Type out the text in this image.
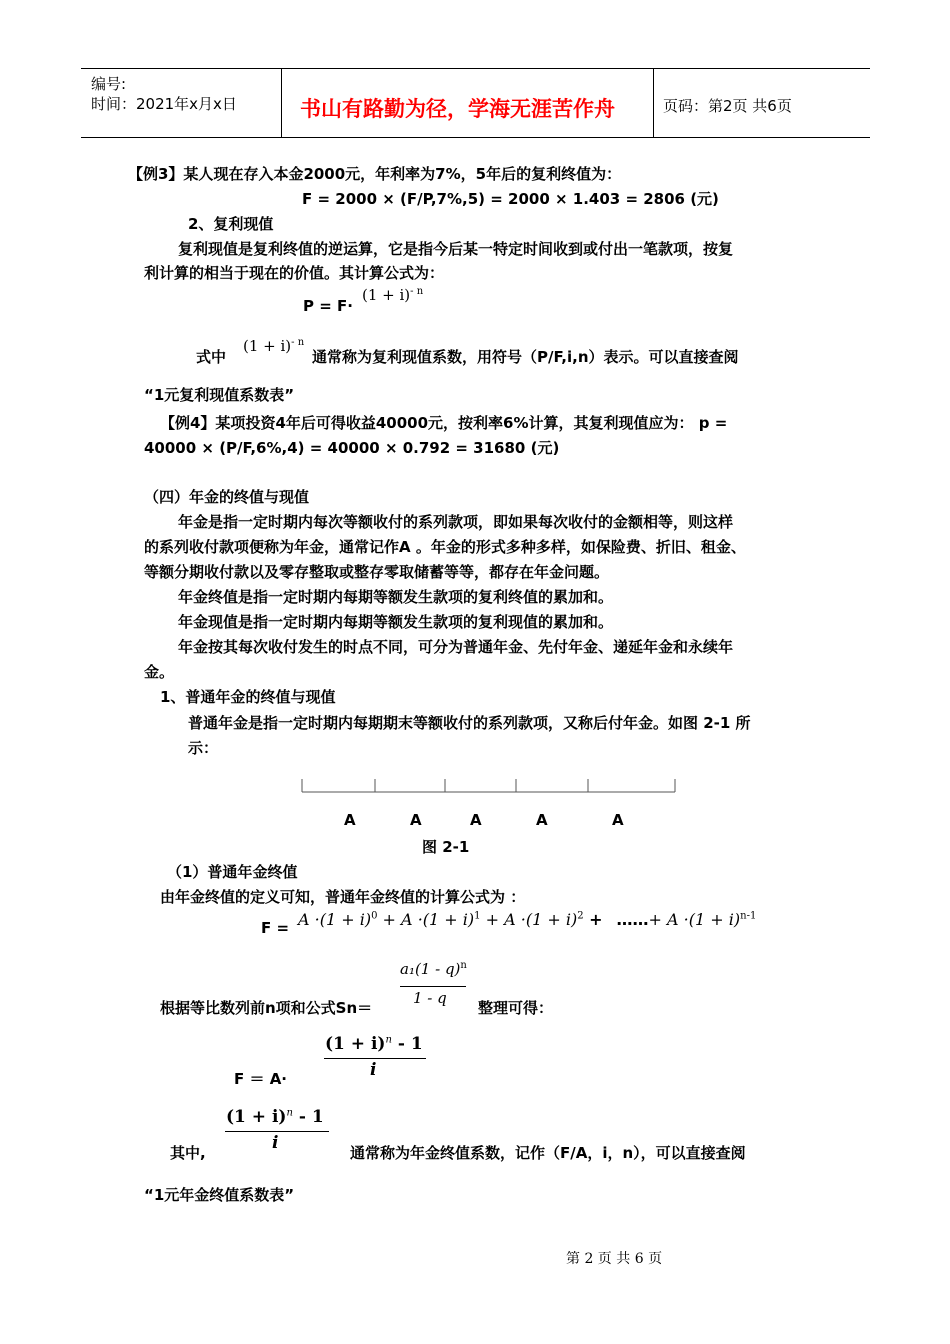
编号:
时间：2021年x月x日	书山有路勤为径，学海无涯苦作舟	页码：第2页 共6页
【例3】某人现在存入本金2000元，年利率为7%，5年后的复利终值为：
F = 2000 × (F/P,7%,5) = 2000 × 1.403 = 2806 (元)
2、复利现值
复利现值是复利终值的逆运算，它是指今后某一特定时间收到或付出一笔款项，按复
利计算的相当于现在的价值。其计算公式为：
P = F·
$(1 + i)^{- n}$
式中
$(1 + i)^{- n}$
通常称为复利现值系数，用符号（P/F,i,n）表示。可以直接查阅
“1元复利现值系数表”
【例4】某项投资4年后可得收益40000元，按利率6%计算，其复利现值应为： p =
40000 × (P/F,6%,4) = 40000 × 0.792 = 31680 (元)
（四）年金的终值与现值
年金是指一定时期内每次等额收付的系列款项，即如果每次收付的金额相等，则这样
的系列收付款项便称为年金，通常记作A 。年金的形式多种多样，如保险费、折旧、租金、
等额分期收付款以及零存整取或整存零取储蓄等等，都存在年金问题。
年金终值是指一定时期内每期等额发生款项的复利终值的累加和。
年金现值是指一定时期内每期等额发生款项的复利现值的累加和。
年金按其每次收付发生的时点不同，可分为普通年金、先付年金、递延年金和永续年
金。
1、普通年金的终值与现值
普通年金是指一定时期内每期期末等额收付的系列款项，又称后付年金。如图 2-1 所
示：
A	A	A	A	A
图 2-1
（1）普通年金终值
由年金终值的定义可知，普通年金终值的计算公式为 ：
$F = A \cdot(1 + i)^0 + A \cdot(1 + i)^1 + A \cdot(1 + i)^2$ + ……+ $A \cdot(1 + i)^{n-1}$
a₁(1 - q)$^n$
1 - q
根据等比数列前n项和公式Sn＝	整理可得：
$(1 + i)^n - 1$
i
F ＝ A·
$(1 + i)^n - 1$
i
其中,	通常称为年金终值系数，记作（F/A，i，n），可以直接查阅
“1元年金终值系数表”
第 2 页 共 6 页
